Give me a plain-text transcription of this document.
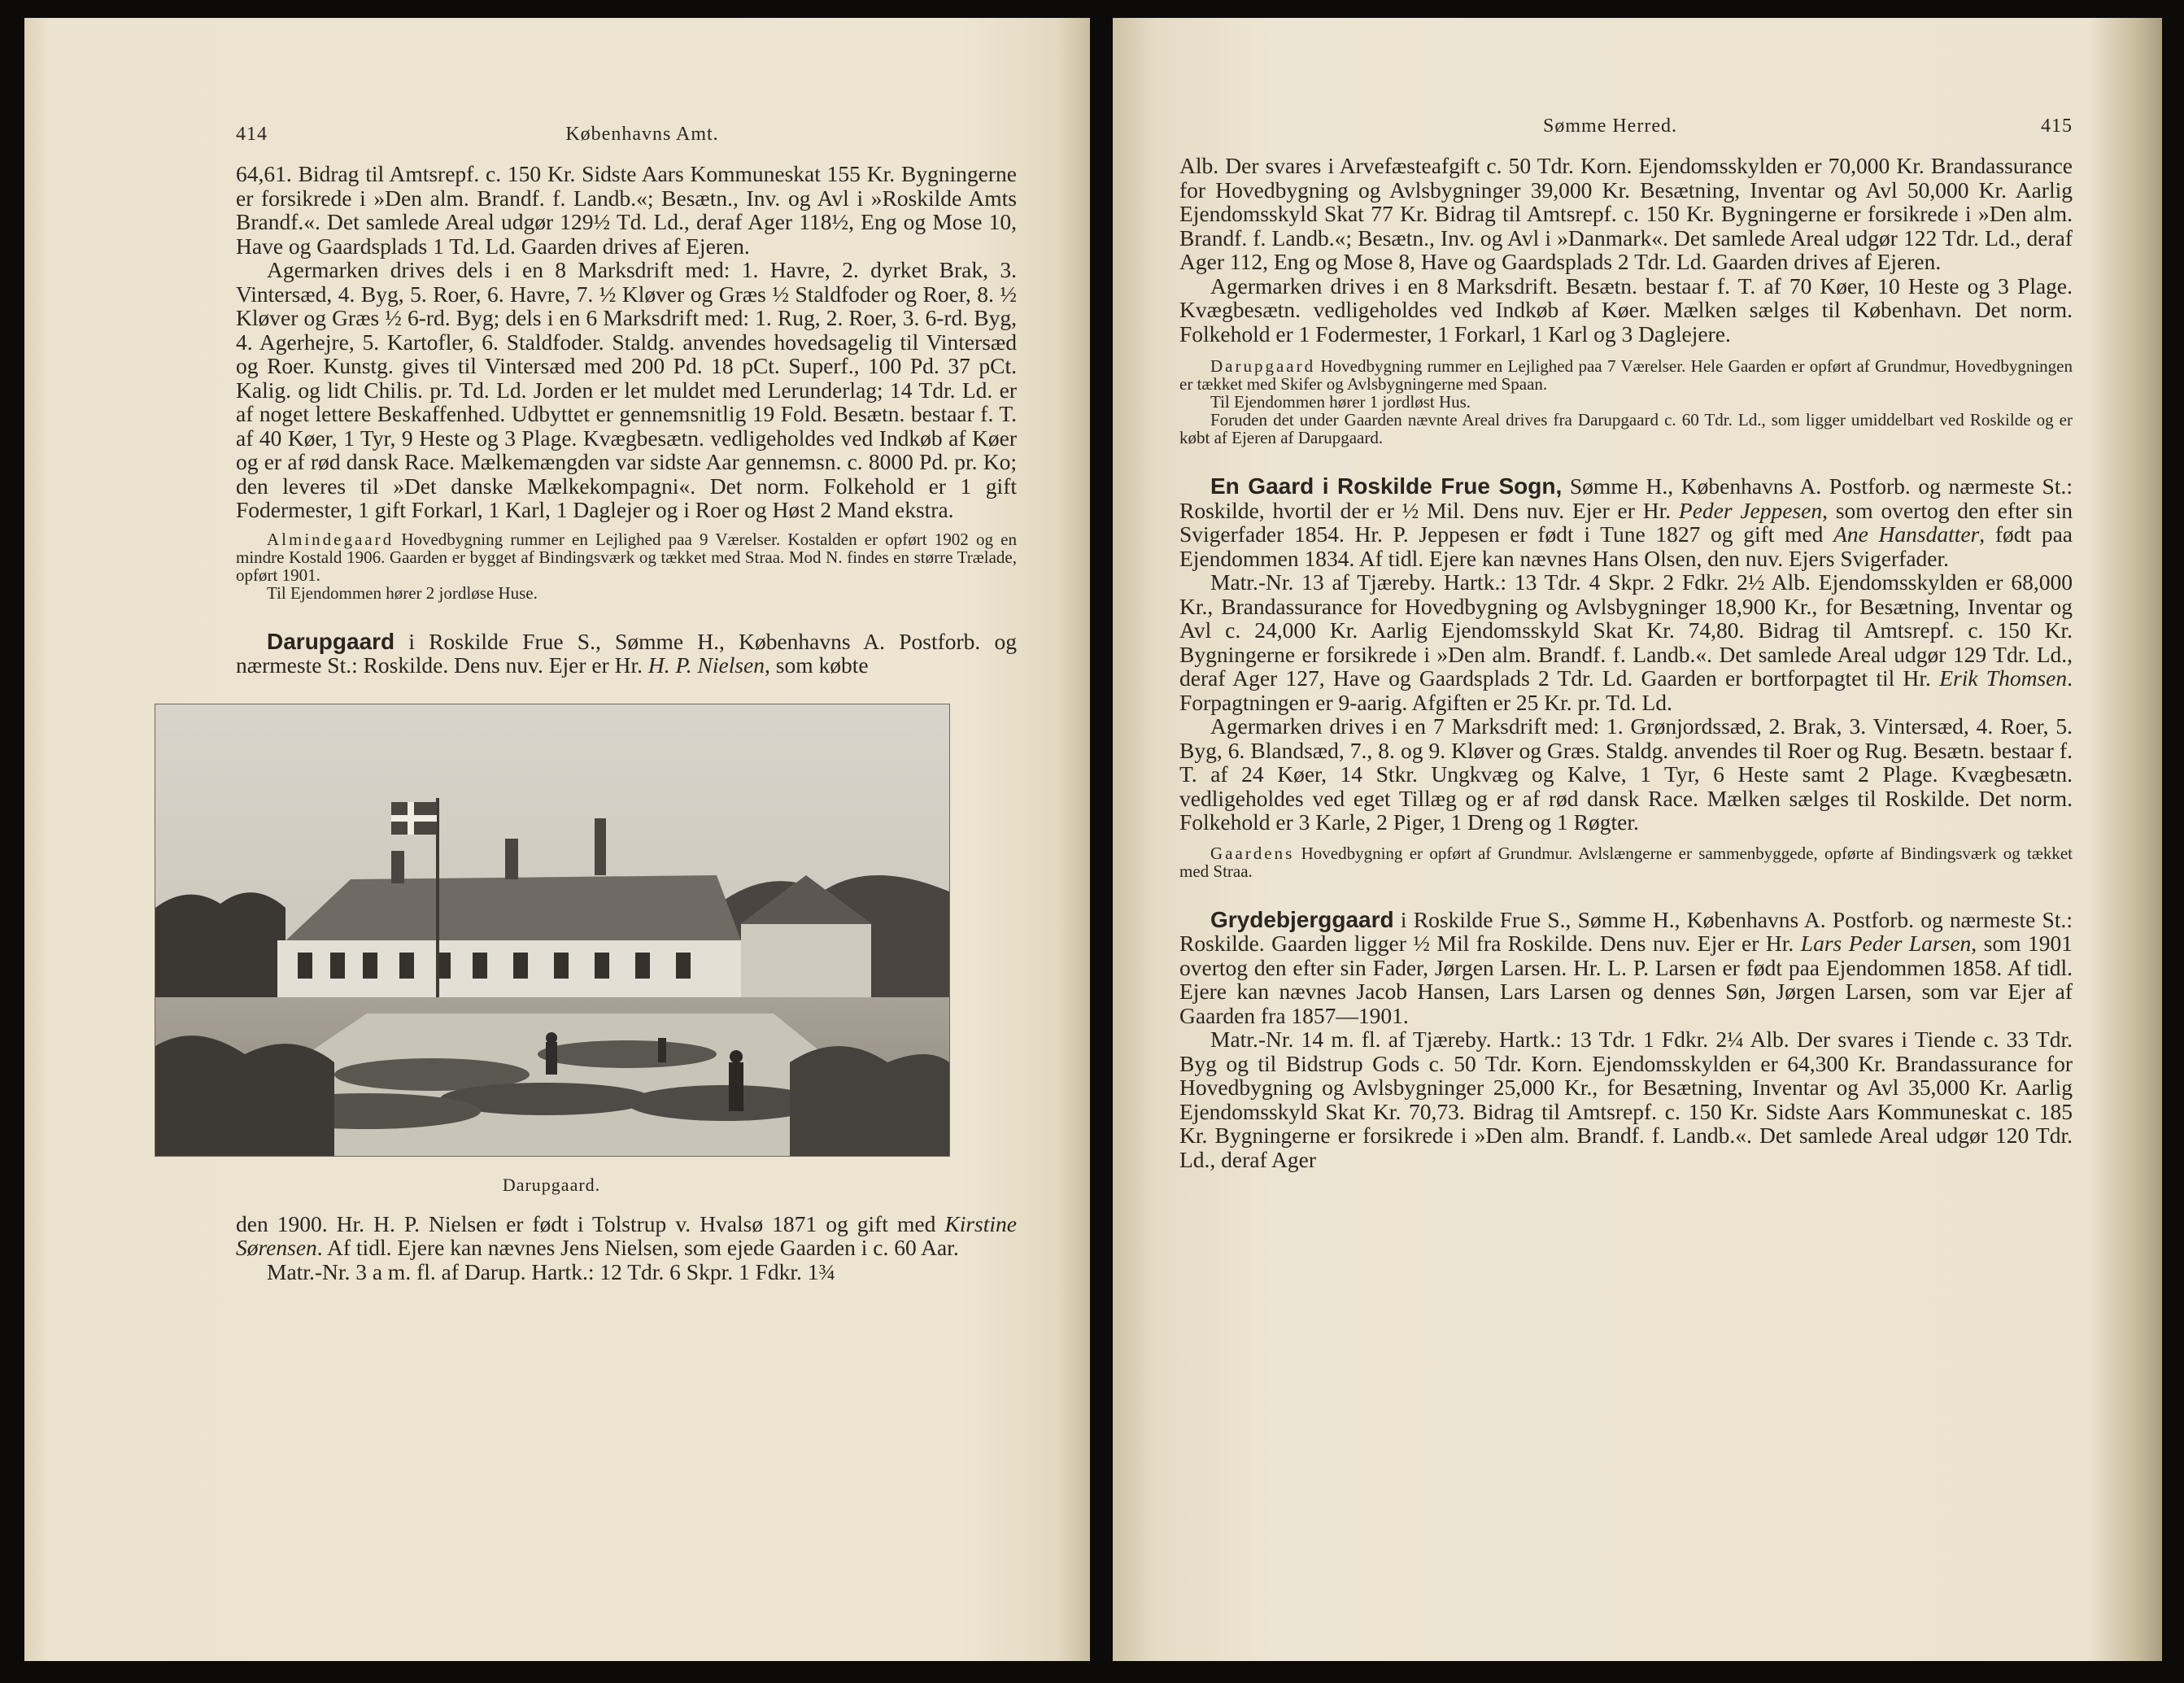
414	Københavns Amt.

64,61. Bidrag til Amtsrepf. c. 150 Kr. Sidste Aars Kommuneskat 155 Kr. Bygningerne er forsikrede i »Den alm. Brandf. f. Landb.«; Besætn., Inv. og Avl i »Roskilde Amts Brandf.«. Det samlede Areal udgør 129½ Td. Ld., deraf Ager 118½, Eng og Mose 10, Have og Gaardsplads 1 Td. Ld. Gaarden drives af Ejeren.

Agermarken drives dels i en 8 Marksdrift med: 1. Havre, 2. dyrket Brak, 3. Vintersæd, 4. Byg, 5. Roer, 6. Havre, 7. ½ Kløver og Græs ½ Staldfoder og Roer, 8. ½ Kløver og Græs ½ 6-rd. Byg; dels i en 6 Marksdrift med: 1. Rug, 2. Roer, 3. 6-rd. Byg, 4. Agerhejre, 5. Kartofler, 6. Staldfoder. Staldg. anvendes hovedsagelig til Vintersæd og Roer. Kunstg. gives til Vintersæd med 200 Pd. 18 pCt. Superf., 100 Pd. 37 pCt. Kalig. og lidt Chilis. pr. Td. Ld. Jorden er let muldet med Lerunderlag; 14 Tdr. Ld. er af noget lettere Beskaffenhed. Udbyttet er gennemsnitlig 19 Fold. Besætn. bestaar f. T. af 40 Køer, 1 Tyr, 9 Heste og 3 Plage. Kvægbesætn. vedligeholdes ved Indkøb af Køer og er af rød dansk Race. Mælkemængden var sidste Aar gennemsn. c. 8000 Pd. pr. Ko; den leveres til »Det danske Mælkekompagni«. Det norm. Folkehold er 1 gift Fodermester, 1 gift Forkarl, 1 Karl, 1 Daglejer og i Roer og Høst 2 Mand ekstra.

Almindegaard Hovedbygning rummer en Lejlighed paa 9 Værelser. Kostalden er opført 1902 og en mindre Kostald 1906. Gaarden er bygget af Bindingsværk og tækket med Straa. Mod N. findes en større Trælade, opført 1901.

Til Ejendommen hører 2 jordløse Huse.

Darupgaard i Roskilde Frue S., Sømme H., Københavns A. Postforb. og nærmeste St.: Roskilde. Dens nuv. Ejer er Hr. H. P. Nielsen, som købte

Darupgaard.

den 1900. Hr. H. P. Nielsen er født i Tolstrup v. Hvalsø 1871 og gift med Kirstine Sørensen. Af tidl. Ejere kan nævnes Jens Nielsen, som ejede Gaarden i c. 60 Aar.

Matr.-Nr. 3 a m. fl. af Darup. Hartk.: 12 Tdr. 6 Skpr. 1 Fdkr. 1¾

Sømme Herred.	415

Alb. Der svares i Arvefæsteafgift c. 50 Tdr. Korn. Ejendomsskylden er 70,000 Kr. Brandassurance for Hovedbygning og Avlsbygninger 39,000 Kr. Besætning, Inventar og Avl 50,000 Kr. Aarlig Ejendomsskyld Skat 77 Kr. Bidrag til Amtsrepf. c. 150 Kr. Bygningerne er forsikrede i »Den alm. Brandf. f. Landb.«; Besætn., Inv. og Avl i »Danmark«. Det samlede Areal udgør 122 Tdr. Ld., deraf Ager 112, Eng og Mose 8, Have og Gaardsplads 2 Tdr. Ld. Gaarden drives af Ejeren.

Agermarken drives i en 8 Marksdrift. Besætn. bestaar f. T. af 70 Køer, 10 Heste og 3 Plage. Kvægbesætn. vedligeholdes ved Indkøb af Køer. Mælken sælges til København. Det norm. Folkehold er 1 Fodermester, 1 Forkarl, 1 Karl og 3 Daglejere.

Darupgaard Hovedbygning rummer en Lejlighed paa 7 Værelser. Hele Gaarden er opført af Grundmur, Hovedbygningen er tækket med Skifer og Avlsbygningerne med Spaan.

Til Ejendommen hører 1 jordløst Hus.

Foruden det under Gaarden nævnte Areal drives fra Darupgaard c. 60 Tdr. Ld., som ligger umiddelbart ved Roskilde og er købt af Ejeren af Darupgaard.

En Gaard i Roskilde Frue Sogn, Sømme H., Københavns A. Postforb. og nærmeste St.: Roskilde, hvortil der er ½ Mil. Dens nuv. Ejer er Hr. Peder Jeppesen, som overtog den efter sin Svigerfader 1854. Hr. P. Jeppesen er født i Tune 1827 og gift med Ane Hansdatter, født paa Ejendommen 1834. Af tidl. Ejere kan nævnes Hans Olsen, den nuv. Ejers Svigerfader.

Matr.-Nr. 13 af Tjæreby. Hartk.: 13 Tdr. 4 Skpr. 2 Fdkr. 2½ Alb. Ejendomsskylden er 68,000 Kr., Brandassurance for Hovedbygning og Avlsbygninger 18,900 Kr., for Besætning, Inventar og Avl c. 24,000 Kr. Aarlig Ejendomsskyld Skat Kr. 74,80. Bidrag til Amtsrepf. c. 150 Kr. Bygningerne er forsikrede i »Den alm. Brandf. f. Landb.«. Det samlede Areal udgør 129 Tdr. Ld., deraf Ager 127, Have og Gaardsplads 2 Tdr. Ld. Gaarden er bortforpagtet til Hr. Erik Thomsen. Forpagtningen er 9-aarig. Afgiften er 25 Kr. pr. Td. Ld.

Agermarken drives i en 7 Marksdrift med: 1. Grønjordssæd, 2. Brak, 3. Vintersæd, 4. Roer, 5. Byg, 6. Blandsæd, 7., 8. og 9. Kløver og Græs. Staldg. anvendes til Roer og Rug. Besætn. bestaar f. T. af 24 Køer, 14 Stkr. Ungkvæg og Kalve, 1 Tyr, 6 Heste samt 2 Plage. Kvægbesætn. vedligeholdes ved eget Tillæg og er af rød dansk Race. Mælken sælges til Roskilde. Det norm. Folkehold er 3 Karle, 2 Piger, 1 Dreng og 1 Røgter.

Gaardens Hovedbygning er opført af Grundmur. Avlslængerne er sammenbyggede, opførte af Bindingsværk og tækket med Straa.

Grydebjerggaard i Roskilde Frue S., Sømme H., Københavns A. Postforb. og nærmeste St.: Roskilde. Gaarden ligger ½ Mil fra Roskilde. Dens nuv. Ejer er Hr. Lars Peder Larsen, som 1901 overtog den efter sin Fader, Jørgen Larsen. Hr. L. P. Larsen er født paa Ejendommen 1858. Af tidl. Ejere kan nævnes Jacob Hansen, Lars Larsen og dennes Søn, Jørgen Larsen, som var Ejer af Gaarden fra 1857—1901.

Matr.-Nr. 14 m. fl. af Tjæreby. Hartk.: 13 Tdr. 1 Fdkr. 2¼ Alb. Der svares i Tiende c. 33 Tdr. Byg og til Bidstrup Gods c. 50 Tdr. Korn. Ejendomsskylden er 64,300 Kr. Brandassurance for Hovedbygning og Avlsbygninger 25,000 Kr., for Besætning, Inventar og Avl 35,000 Kr. Aarlig Ejendomsskyld Skat Kr. 70,73. Bidrag til Amtsrepf. c. 150 Kr. Sidste Aars Kommuneskat c. 185 Kr. Bygningerne er forsikrede i »Den alm. Brandf. f. Landb.«. Det samlede Areal udgør 120 Tdr. Ld., deraf Ager
